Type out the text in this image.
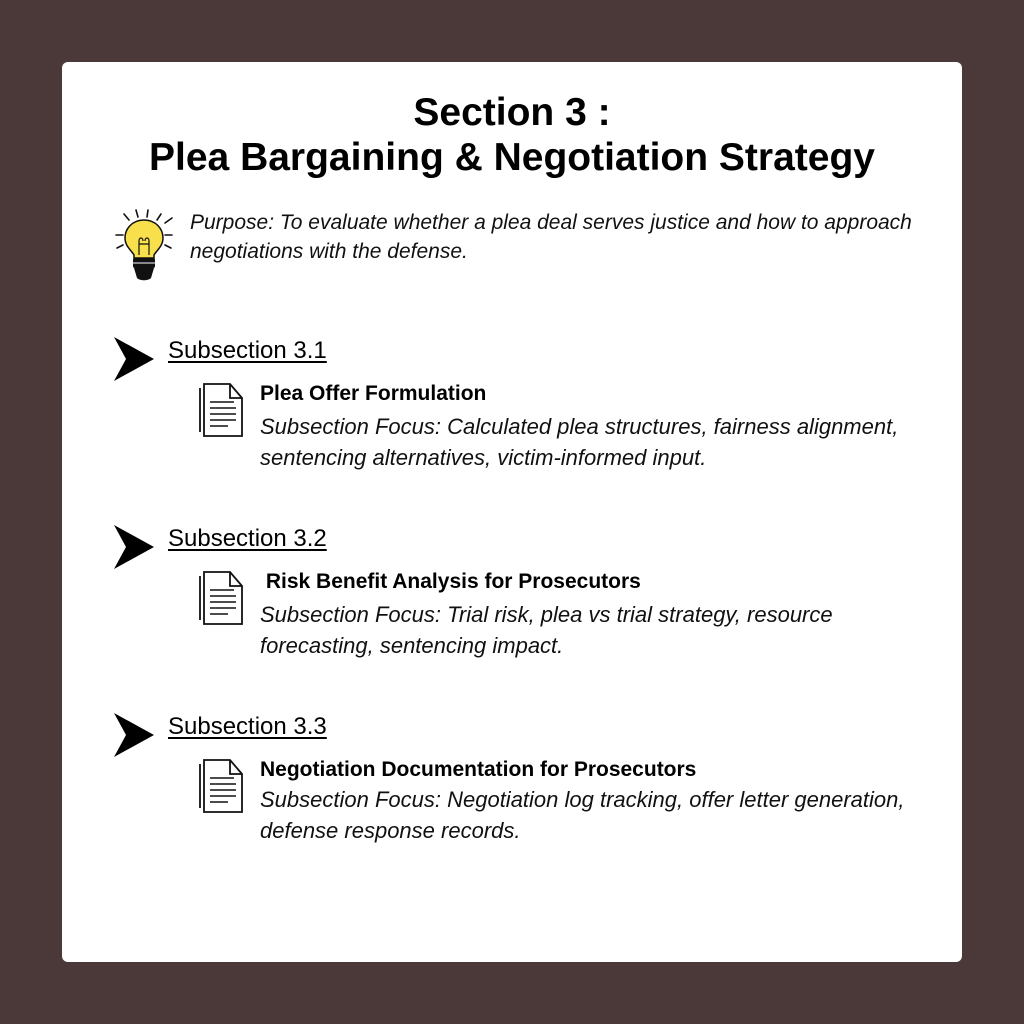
Section 3 :
Plea Bargaining & Negotiation Strategy
Purpose: To evaluate whether a plea deal serves justice and how to approach negotiations with the defense.
Subsection 3.1
Plea Offer Formulation
Subsection Focus: Calculated plea structures, fairness alignment, sentencing alternatives, victim-informed input.
Subsection 3.2
Risk Benefit Analysis for Prosecutors
Subsection Focus: Trial risk, plea vs trial strategy, resource forecasting, sentencing impact.
Subsection 3.3
Negotiation Documentation for Prosecutors
Subsection Focus: Negotiation log tracking, offer letter generation, defense response records.
